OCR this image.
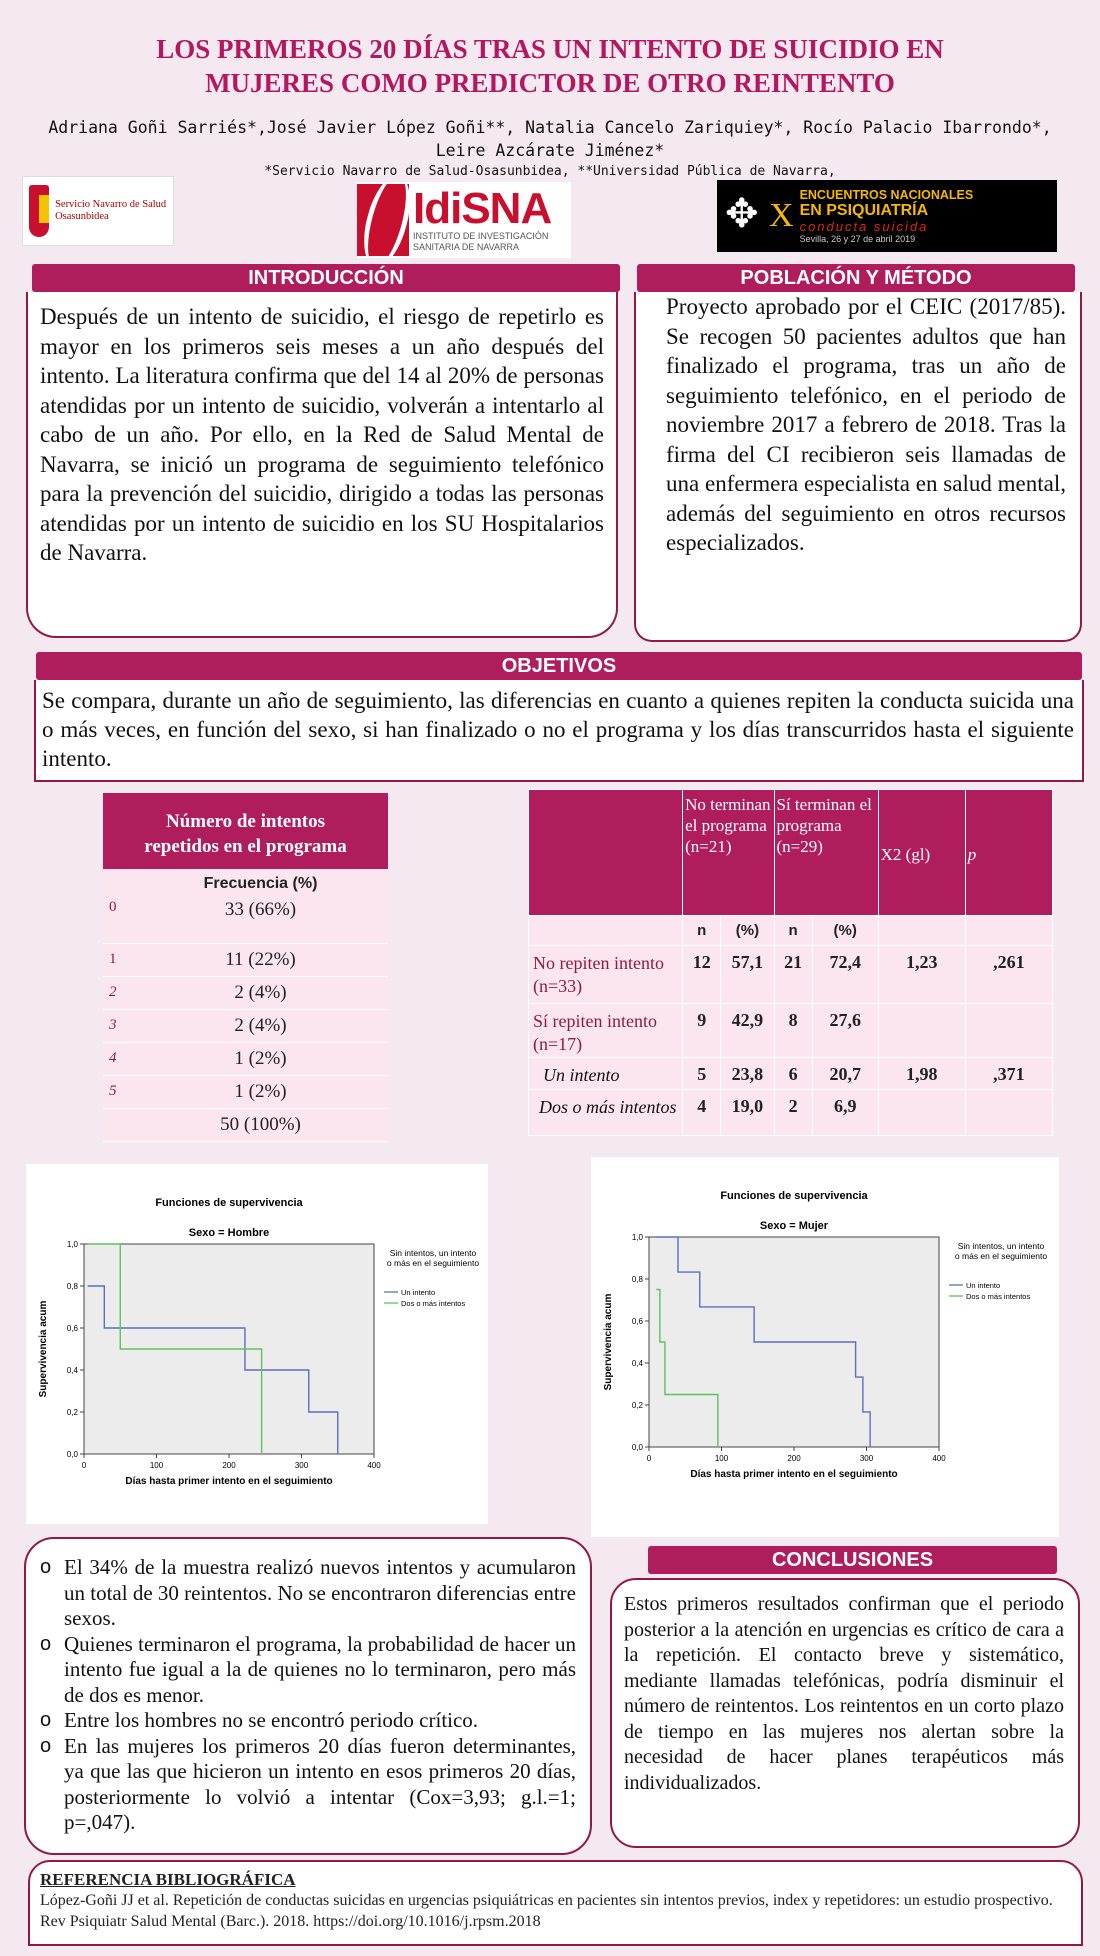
LOS PRIMEROS 20 DÍAS TRAS UN INTENTO DE SUICIDIO EN
MUJERES COMO PREDICTOR DE OTRO REINTENTO
Adriana Goñi Sarriés*,José Javier López Goñi**, Natalia Cancelo Zariquiey*, Rocío Palacio Ibarrondo*,
Leire Azcárate Jiménez*
*Servicio Navarro de Salud-Osasunbidea, **Universidad Pública de Navarra,
Servicio Navarro de Salud Osasunbidea	IdiSNA
INSTITUTO DE INVESTIGACIÓN
SANITARIA DE NAVARRA
✥
X
ENCUENTROS NACIONALES
EN PSIQUIATRÍA
conducta suicida
Sevilla, 26 y 27 de abril 2019
INTRODUCCIÓN
Después de un intento de suicidio, el riesgo de repetirlo es mayor en los primeros seis meses a un año después del intento. La literatura confirma que del 14 al 20% de personas atendidas por un intento de suicidio, volverán a intentarlo al cabo de un año. Por ello, en la Red de Salud Mental de Navarra, se inició un programa de seguimiento telefónico para la prevención del suicidio, dirigido a todas las personas atendidas por un intento de suicidio en los SU Hospitalarios de Navarra.
POBLACIÓN Y MÉTODO
Proyecto aprobado por el CEIC (2017/85). Se recogen 50 pacientes adultos que han finalizado el programa, tras un año de seguimiento telefónico, en el periodo de noviembre 2017 a febrero de 2018. Tras la firma del CI recibieron seis llamadas de una enfermera especialista en salud mental, además del seguimiento en otros recursos especializados.
OBJETIVOS
Se compara, durante un año de seguimiento, las diferencias en cuanto a quienes repiten la conducta suicida una o más veces, en función del sexo, si han finalizado o no el programa y los días transcurridos hasta el siguiente intento.
Número de intentos
repetidos en el programa		

	Frecuencia (%)	
0	33 (66%)	
1	11 (22%)	
2	2 (4%)	
3	2 (4%)	
4	1 (2%)	
5	1 (2%)	
	50 (100%)	
	No terminan el programa (n=21)		Sí terminan el programa (n=29)		X2 (gl)	p
	n	(%)	n	(%)		
No repiten intento (n=33)	12	57,1	21	72,4	1,23	,261
Sí repiten intento (n=17)	9	42,9	8	27,6		
Un intento	5	23,8	6	20,7	1,98	,371
Dos o más intentos	4	19,0	2	6,9		
Funciones de supervivencia
Sexo = Hombre
0,0
0,2
0,4
0,6
0,8
1,0
0	100	200	300	400
Días hasta primer intento en el seguimiento
Supervivencia acum
Sin intentos, un intento
o más en el seguimiento
Un intento
Dos o más intentos
Funciones de supervivencia
Sexo = Mujer
0,0
0,2
0,4
0,6
0,8
1,0
0	100	200	300	400
Días hasta primer intento en el seguimiento
Supervivencia acum
Sin intentos, un intento
o más en el seguimiento
Un intento
Dos o más intentos
o El 34% de la muestra realizó nuevos intentos y acumularon un total de 30 reintentos. No se encontraron diferencias entre sexos.
o Quienes terminaron el programa, la probabilidad de hacer un intento fue igual a la de quienes no lo terminaron, pero más de dos es menor.
o Entre los hombres no se encontró periodo crítico.
o En las mujeres los primeros 20 días fueron determinantes, ya que las que hicieron un intento en esos primeros 20 días, posteriormente lo volvió a intentar (Cox=3,93; g.l.=1; p=,047).
CONCLUSIONES
Estos primeros resultados confirman que el periodo posterior a la atención en urgencias es crítico de cara a la repetición. El contacto breve y sistemático, mediante llamadas telefónicas, podría disminuir el número de reintentos. Los reintentos en un corto plazo de tiempo en las mujeres nos alertan sobre la necesidad de hacer planes terapéuticos más individualizados.
REFERENCIA BIBLIOGRÁFICA
López-Goñi JJ et al. Repetición de conductas suicidas en urgencias psiquiátricas en pacientes sin intentos previos, index y repetidores: un estudio prospectivo. Rev Psiquiatr Salud Mental (Barc.). 2018. https://doi.org/10.1016/j.rpsm.2018
